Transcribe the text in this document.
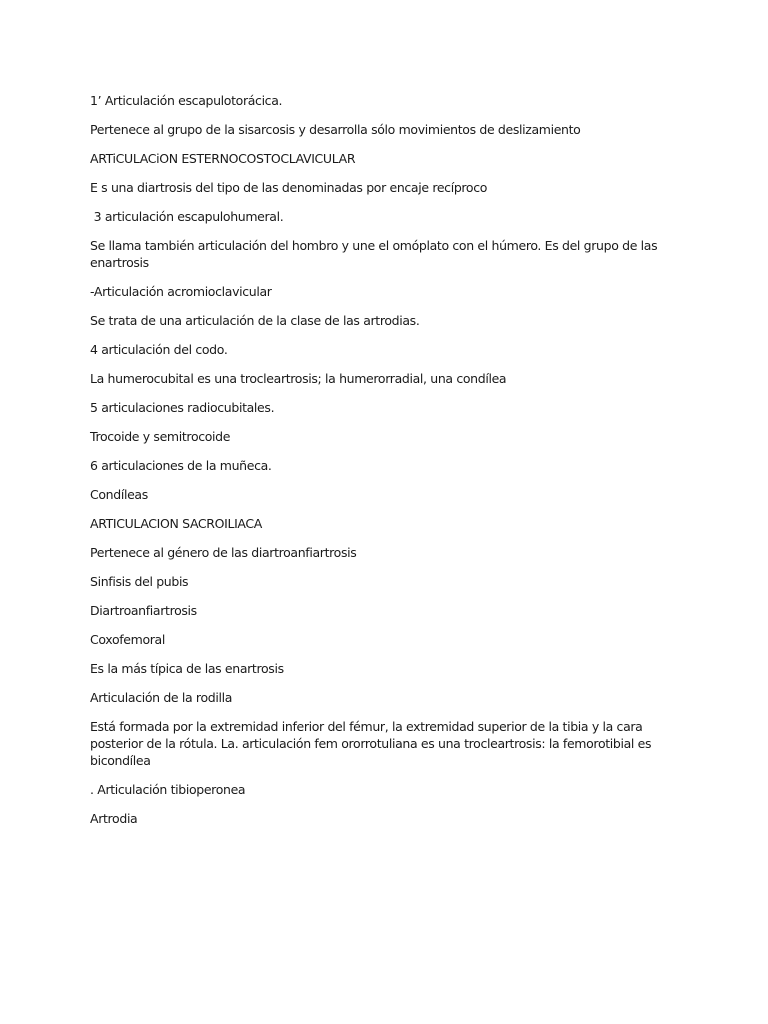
1’ Articulación escapulotorácica.

Pertenece al grupo de la sisarcosis y desarrolla sólo movimientos de deslizamiento

ARTiCULACiON ESTERNOCOSTOCLAVICULAR

E s una diartrosis del tipo de las denominadas por encaje recíproco

3 articulación escapulohumeral.

Se llama también articulación del hombro y une el omóplato con el húmero. Es del grupo de las enartrosis

-Articulación acromioclavicular

Se trata de una articulación de la clase de las artrodias.

4 articulación del codo.

La humerocubital es una trocleartrosis; la humerorradial, una condílea

5 articulaciones radiocubitales.

Trocoide y semitrocoide

6 articulaciones de la muñeca.

Condíleas

ARTICULACION SACROILIACA

Pertenece al género de las diartroanfiartrosis

Sinfisis del pubis

Diartroanfiartrosis

Coxofemoral

Es la más típica de las enartrosis

Articulación de la rodilla

Está formada por la extremidad inferior del fémur, la extremidad superior de la tibia y la cara posterior de la rótula. La. articulación fem ororrotuliana es una trocleartrosis: la femorotibial es bicondílea

. Articulación tibioperonea

Artrodia
